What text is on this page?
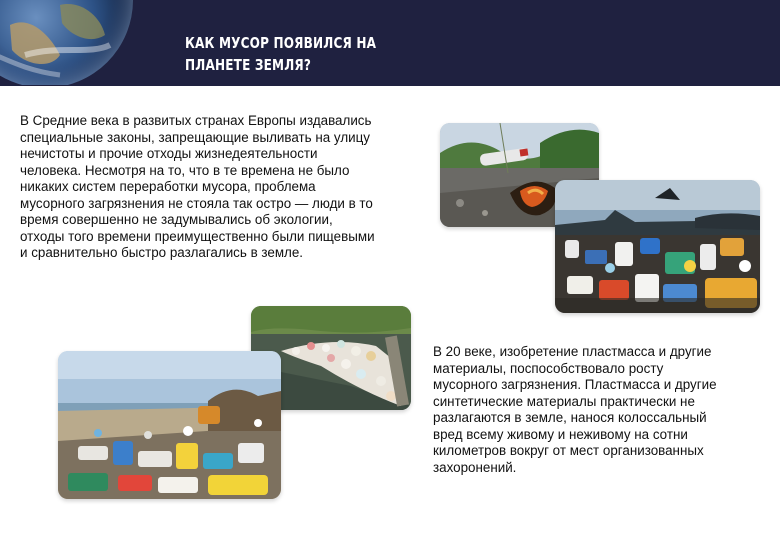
КАК МУСОР ПОЯВИЛСЯ НА
ПЛАНЕТЕ ЗЕМЛЯ?

В Средние века в развитых странах Европы издавались
специальные законы, запрещающие выливать на улицу
нечистоты и прочие отходы жизнедеятельности
человека. Несмотря на то, что в те времена не было
никаких систем переработки мусора, проблема
мусорного загрязнения не стояла так остро — люди в то
время совершенно не задумывались об экологии,
отходы того времени преимущественно были пищевыми
и сравнительно быстро разлагались в земле.

В 20 веке, изобретение пластмасса и другие
материалы, поспособствовало росту
мусорного загрязнения. Пластмасса и другие
синтетические материалы практически не
разлагаются в земле, нанося колоссальный
вред всему живому и неживому на сотни
километров вокруг от мест организованных
захоронений.
